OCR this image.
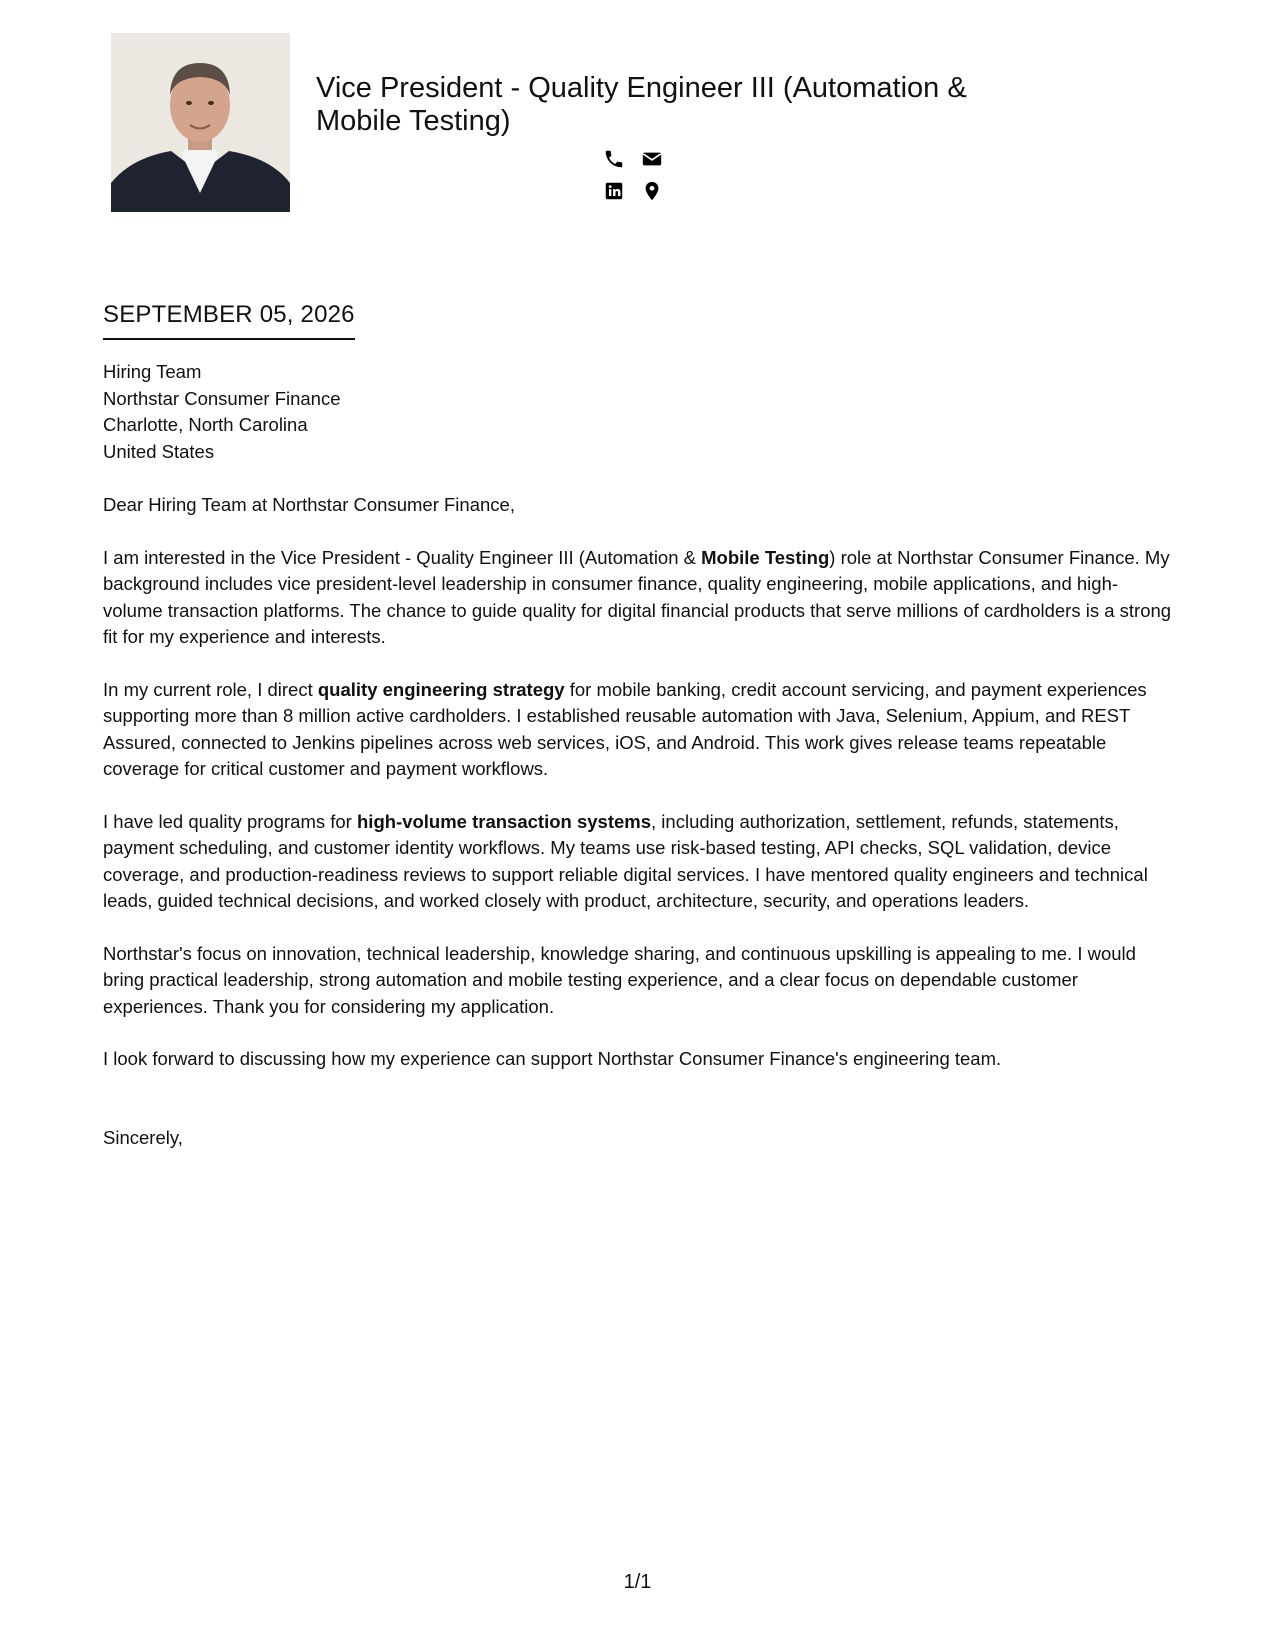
Vice President - Quality Engineer III (Automation & Mobile Testing)
SEPTEMBER 05, 2026
Hiring Team
Northstar Consumer Finance
Charlotte, North Carolina
United States

Dear Hiring Team at Northstar Consumer Finance,

I am interested in the Vice President - Quality Engineer III (Automation & Mobile Testing) role at Northstar Consumer Finance. My background includes vice president-level leadership in consumer finance, quality engineering, mobile applications, and high-volume transaction platforms. The chance to guide quality for digital financial products that serve millions of cardholders is a strong fit for my experience and interests.

In my current role, I direct quality engineering strategy for mobile banking, credit account servicing, and payment experiences supporting more than 8 million active cardholders. I established reusable automation with Java, Selenium, Appium, and REST Assured, connected to Jenkins pipelines across web services, iOS, and Android. This work gives release teams repeatable coverage for critical customer and payment workflows.

I have led quality programs for high-volume transaction systems, including authorization, settlement, refunds, statements, payment scheduling, and customer identity workflows. My teams use risk-based testing, API checks, SQL validation, device coverage, and production-readiness reviews to support reliable digital services. I have mentored quality engineers and technical leads, guided technical decisions, and worked closely with product, architecture, security, and operations leaders.

Northstar's focus on innovation, technical leadership, knowledge sharing, and continuous upskilling is appealing to me. I would bring practical leadership, strong automation and mobile testing experience, and a clear focus on dependable customer experiences. Thank you for considering my application.

I look forward to discussing how my experience can support Northstar Consumer Finance's engineering team.

Sincerely,
1/1
